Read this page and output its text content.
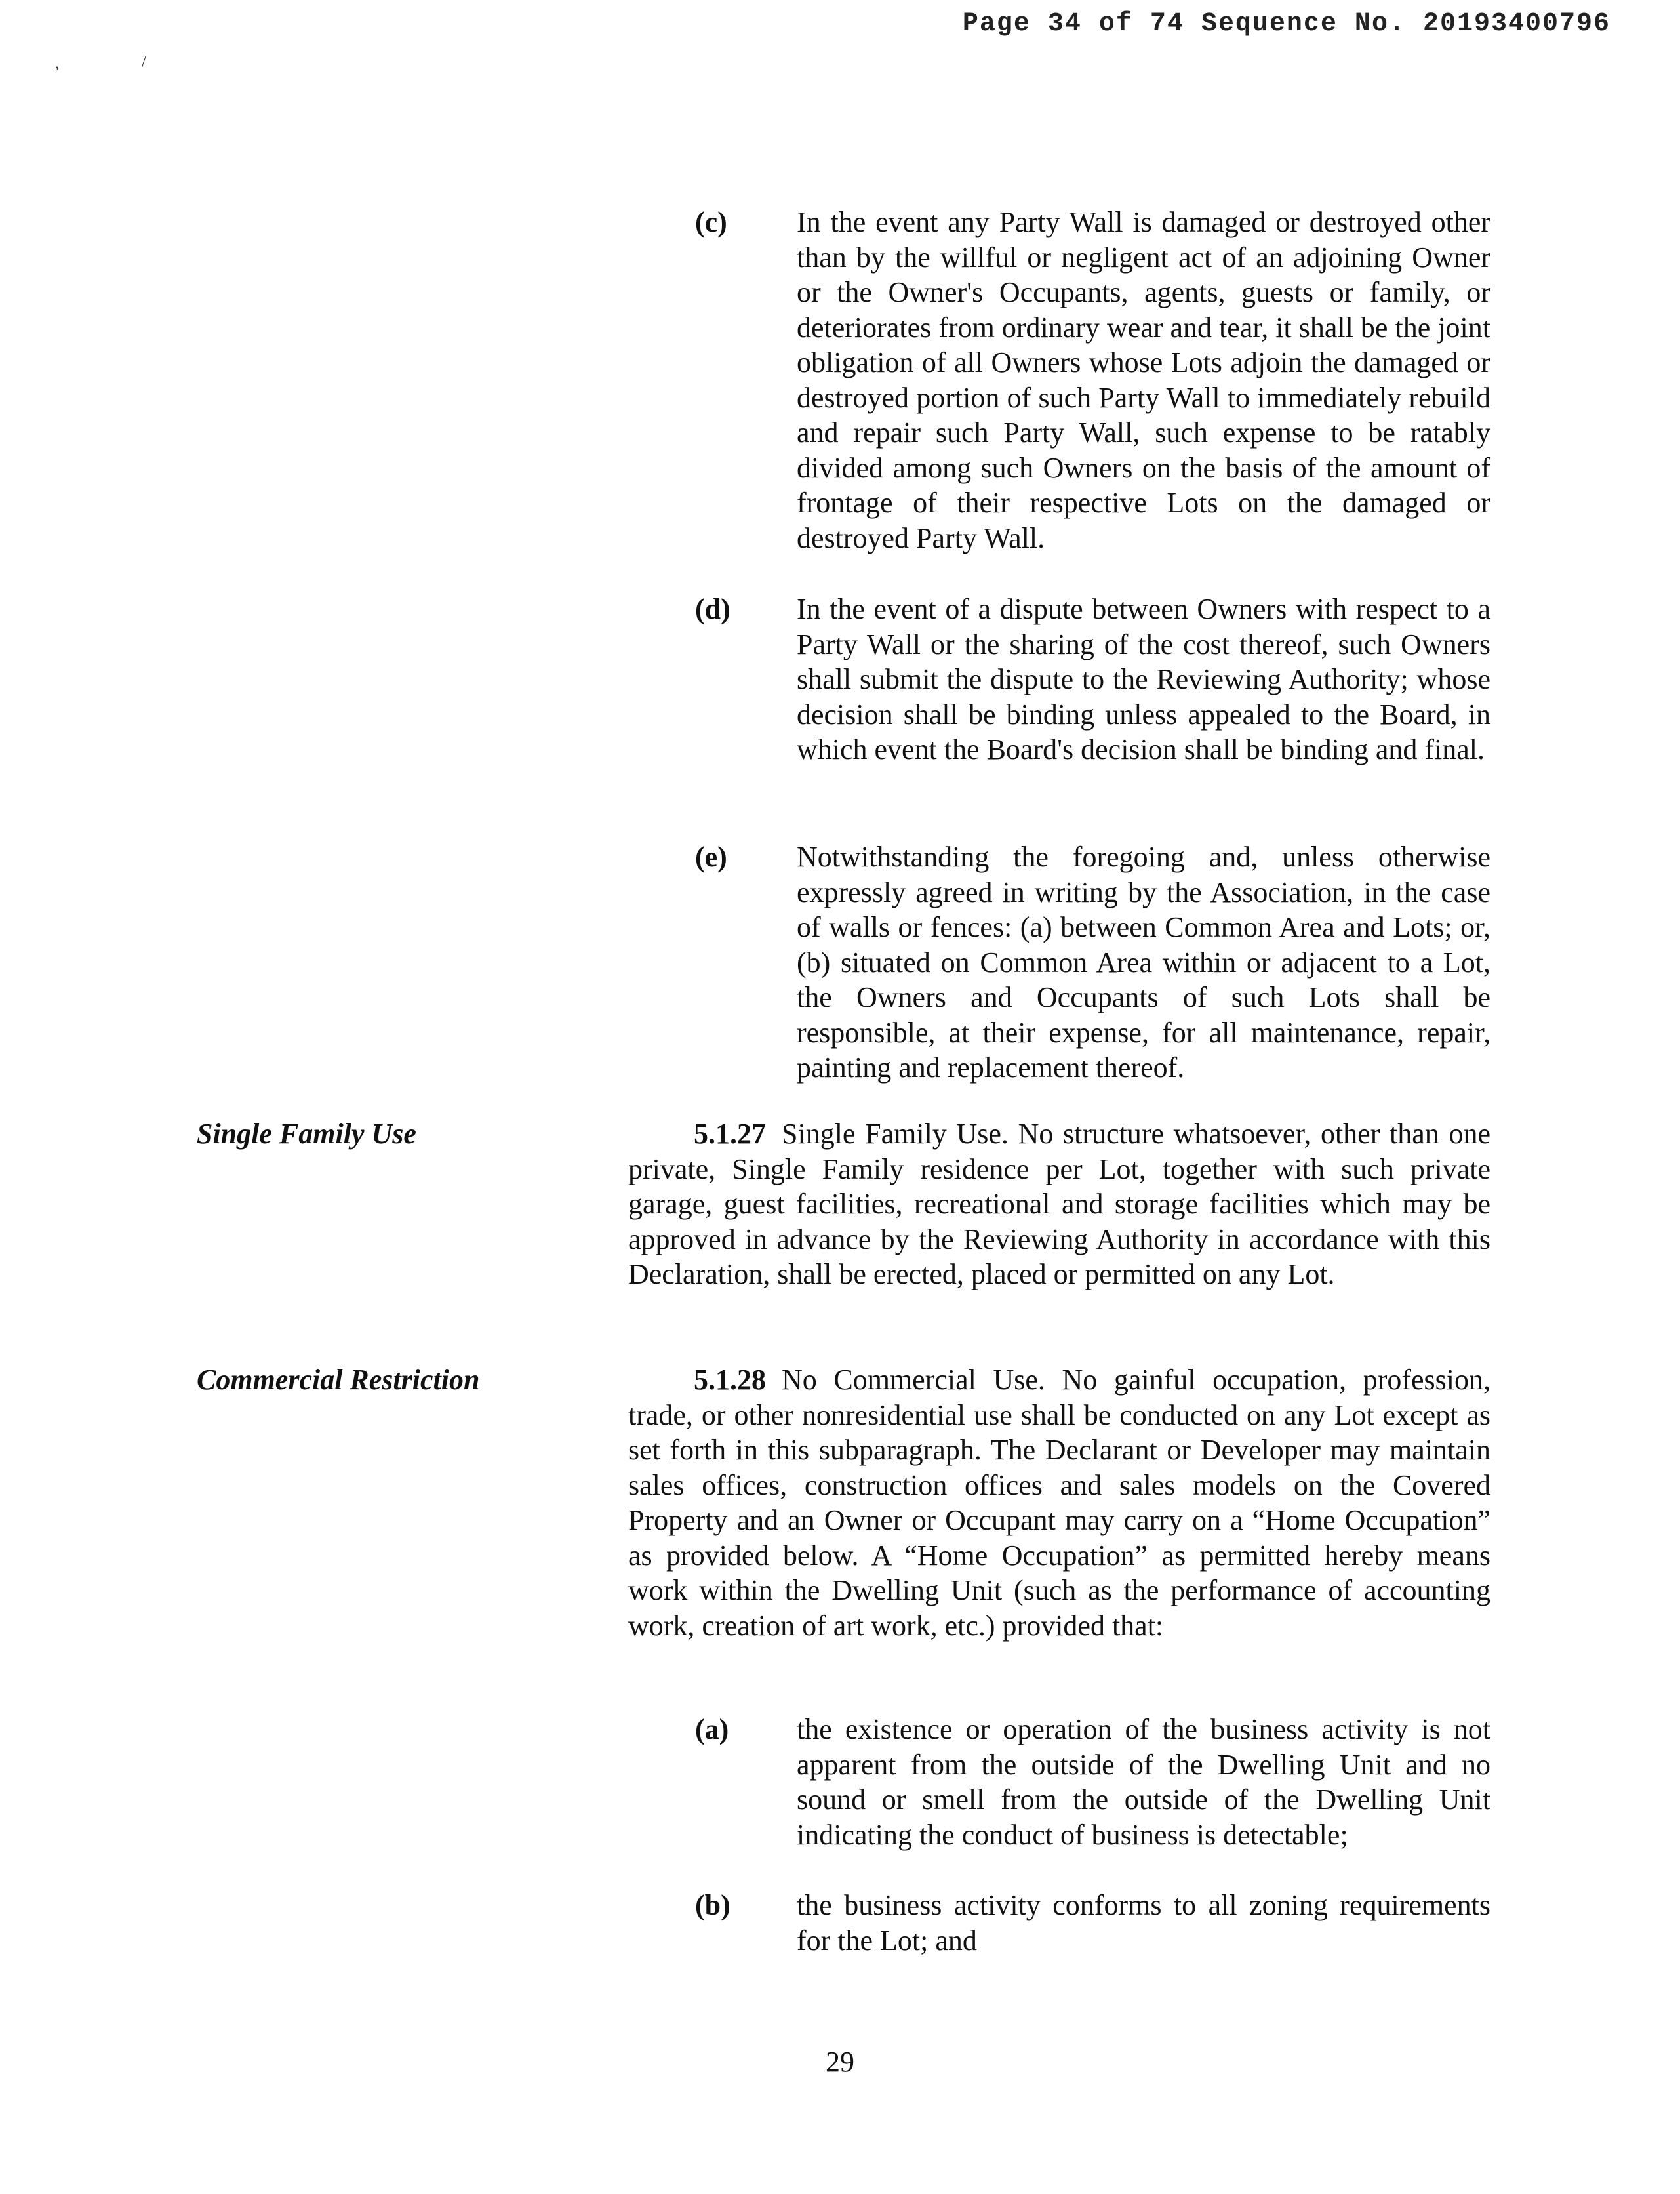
Page 34 of 74 Sequence No. 20193400796
,	/
(c) In the event any Party Wall is damaged or destroyed other than by the willful or negligent act of an adjoining Owner or the Owner's Occupants, agents, guests or family, or deteriorates from ordinary wear and tear, it shall be the joint obligation of all Owners whose Lots adjoin the damaged or destroyed portion of such Party Wall to immediately rebuild and repair such Party Wall, such expense to be ratably divided among such Owners on the basis of the amount of frontage of their respective Lots on the damaged or destroyed Party Wall.

(d) In the event of a dispute between Owners with respect to a Party Wall or the sharing of the cost thereof, such Owners shall submit the dispute to the Reviewing Authority; whose decision shall be binding unless appealed to the Board, in which event the Board's decision shall be binding and final.

(e) Notwithstanding the foregoing and, unless otherwise expressly agreed in writing by the Association, in the case of walls or fences: (a) between Common Area and Lots; or, (b) situated on Common Area within or adjacent to a Lot, the Owners and Occupants of such Lots shall be responsible, at their expense, for all maintenance, repair, painting and replacement thereof.

Single Family Use	5.1.27 Single Family Use. No structure whatsoever, other than one private, Single Family residence per Lot, together with such private garage, guest facilities, recreational and storage facilities which may be approved in advance by the Reviewing Authority in accordance with this Declaration, shall be erected, placed or permitted on any Lot.

Commercial Restriction	5.1.28 No Commercial Use. No gainful occupation, profession, trade, or other nonresidential use shall be conducted on any Lot except as set forth in this subparagraph. The Declarant or Developer may maintain sales offices, construction offices and sales models on the Covered Property and an Owner or Occupant may carry on a “Home Occupation” as provided below. A “Home Occupation” as permitted hereby means work within the Dwelling Unit (such as the performance of accounting work, creation of art work, etc.) provided that:

(a) the existence or operation of the business activity is not apparent from the outside of the Dwelling Unit and no sound or smell from the outside of the Dwelling Unit indicating the conduct of business is detectable;

(b) the business activity conforms to all zoning requirements for the Lot; and

29
